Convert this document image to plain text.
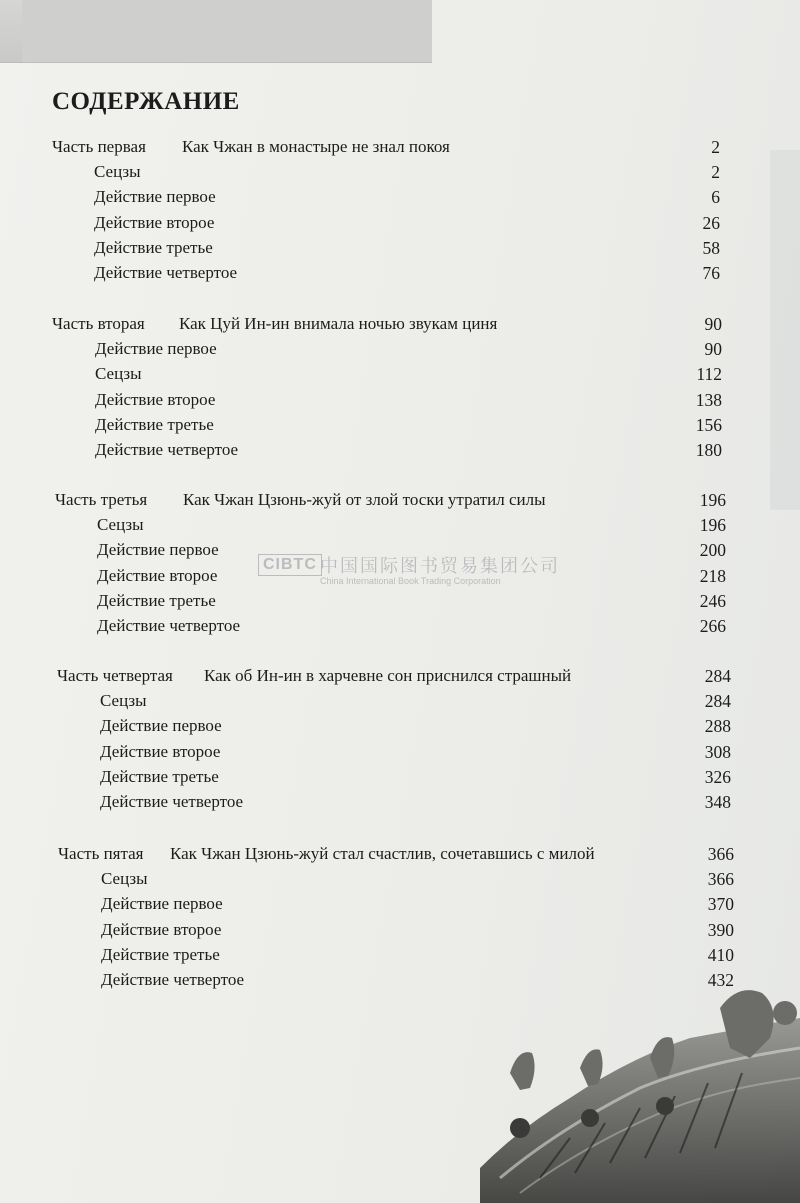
СОДЕРЖАНИЕ
Часть первая Как Чжан в монастыре не знал покоя	2
Сецзы	2
Действие первое	6
Действие второе	26
Действие третье	58
Действие четвертое	76
Часть вторая Как Цуй Ин-ин внимала ночью звукам циня	90
Действие первое	90
Сецзы	112
Действие второе	138
Действие третье	156
Действие четвертое	180
Часть третья Как Чжан Цзюнь-жуй от злой тоски утратил силы	196
Сецзы	196
Действие первое	200
Действие второе	218
Действие третье	246
Действие четвертое	266
Часть четвертая Как об Ин-ин в харчевне сон приснился страшный	284
Сецзы	284
Действие первое	288
Действие второе	308
Действие третье	326
Действие четвертое	348
Часть пятая Как Чжан Цзюнь-жуй стал счастлив, сочетавшись с милой	366
Сецзы	366
Действие первое	370
Действие второе	390
Действие третье	410
Действие четвертое	432
CIBTC 中国国际图书贸易集团公司
China International Book Trading Corporation
